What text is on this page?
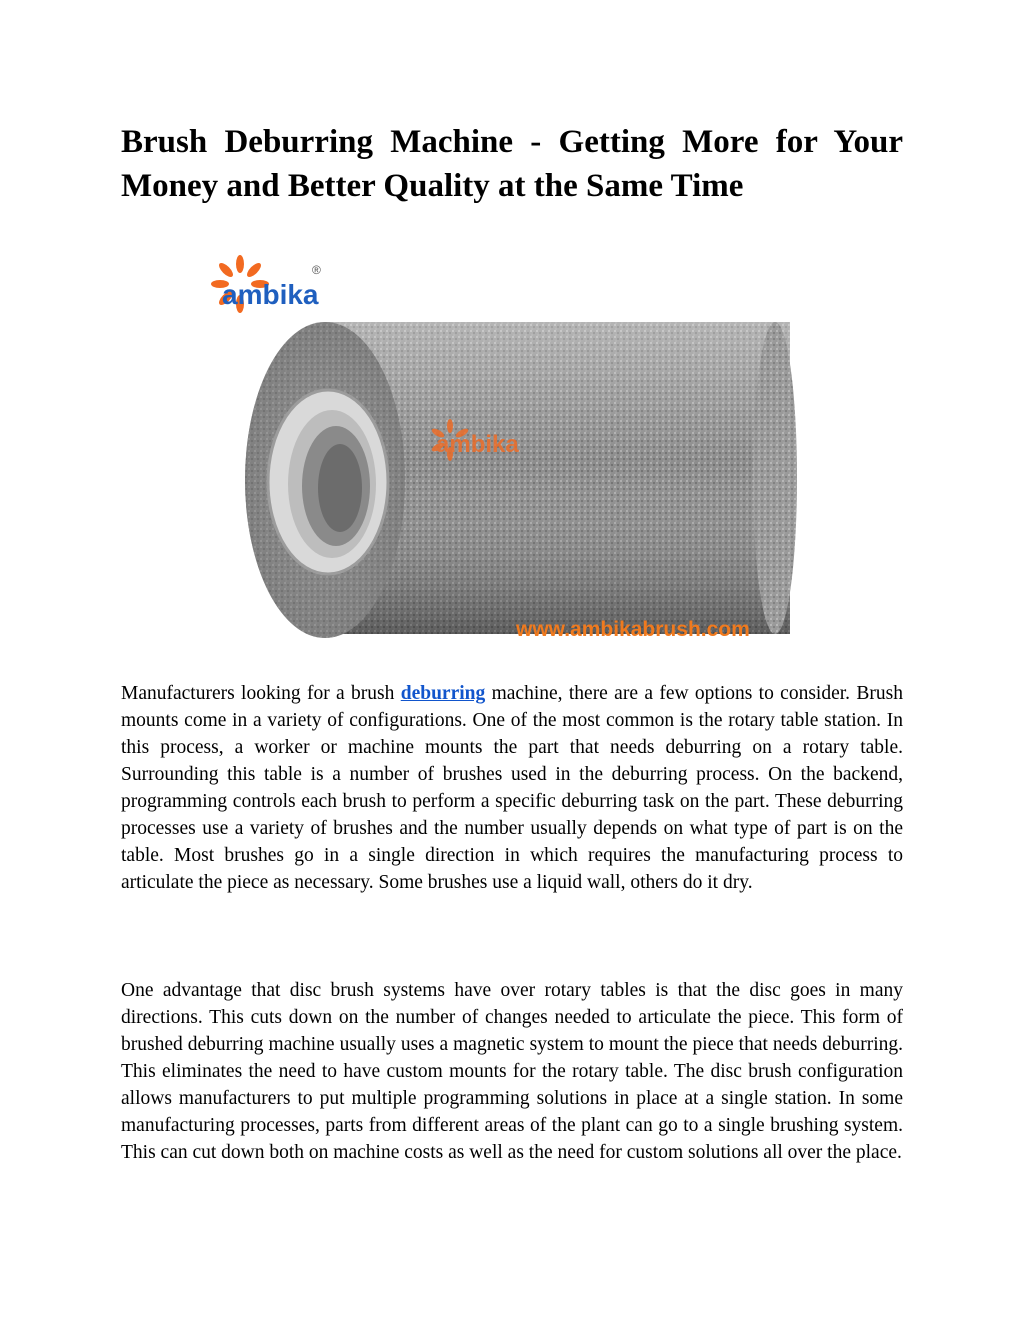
Brush Deburring Machine - Getting More for Your Money and Better Quality at the Same Time
ambika
®
ambika
www.ambikabrush.com

Manufacturers looking for a brush deburring machine, there are a few options to consider. Brush mounts come in a variety of configurations. One of the most common is the rotary table station. In this process, a worker or machine mounts the part that needs deburring on a rotary table. Surrounding this table is a number of brushes used in the deburring process. On the backend, programming controls each brush to perform a specific deburring task on the part. These deburring processes use a variety of brushes and the number usually depends on what type of part is on the table. Most brushes go in a single direction in which requires the manufacturing process to articulate the piece as necessary. Some brushes use a liquid wall, others do it dry.

One advantage that disc brush systems have over rotary tables is that the disc goes in many directions. This cuts down on the number of changes needed to articulate the piece. This form of brushed deburring machine usually uses a magnetic system to mount the piece that needs deburring. This eliminates the need to have custom mounts for the rotary table. The disc brush configuration allows manufacturers to put multiple programming solutions in place at a single station. In some manufacturing processes, parts from different areas of the plant can go to a single brushing system. This can cut down both on machine costs as well as the need for custom solutions all over the place.
